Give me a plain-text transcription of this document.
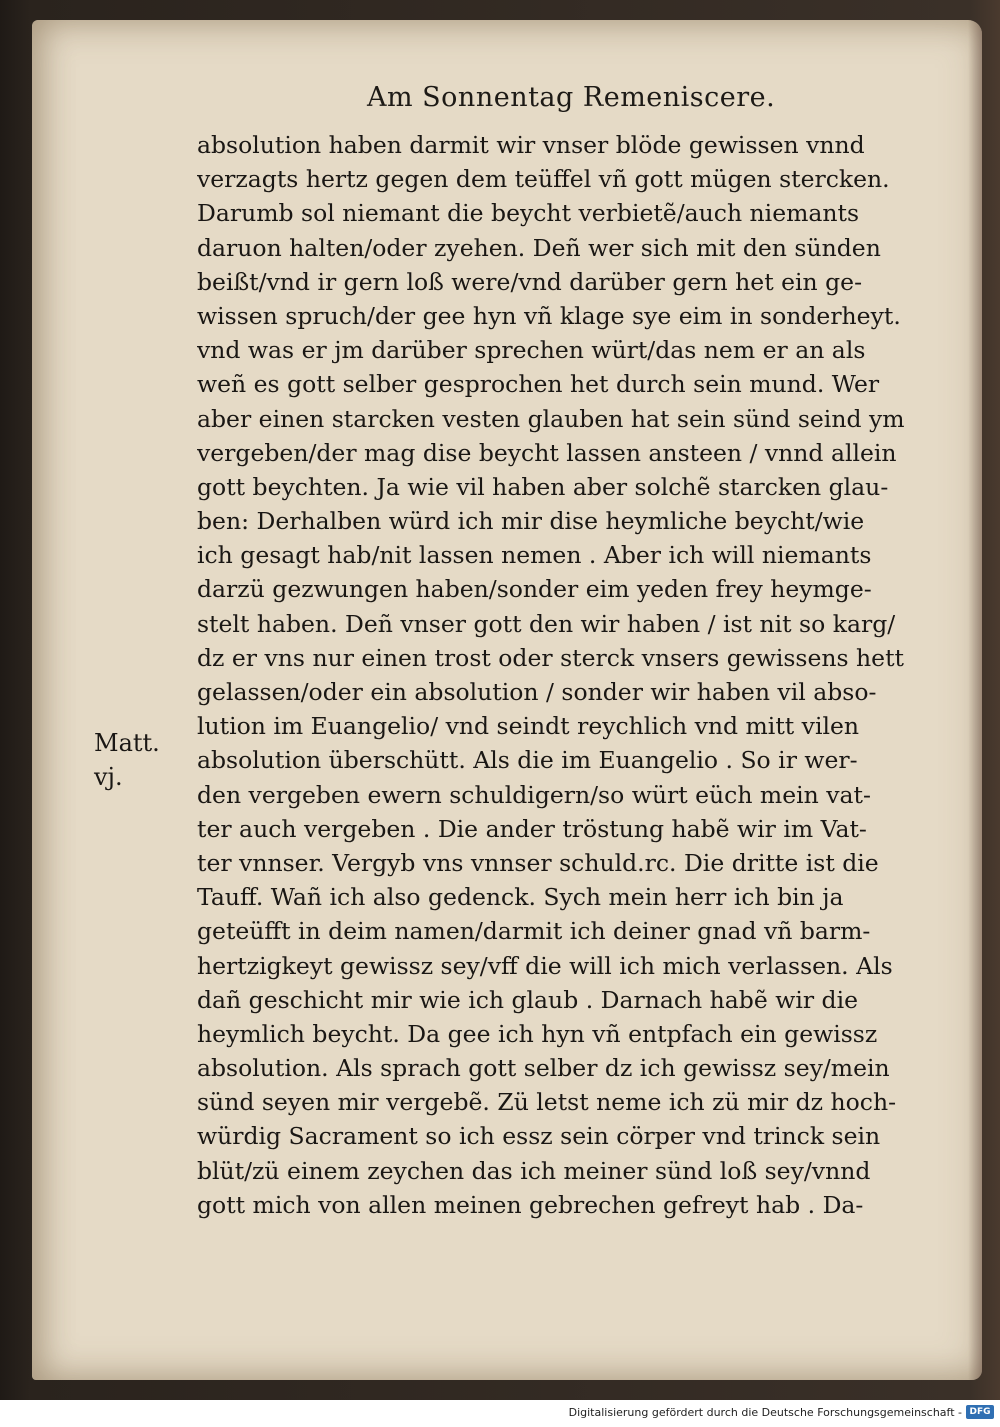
Am Sonnentag Remeniscere.
Matt.
vj.
absolution haben darmit wir vnser blöde gewissen vnnd
verzagts hertz gegen dem teüffel vñ gott mügen stercken.
Darumb sol niemant die beycht verbietẽ/auch niemants
daruon halten/oder zyehen. Deñ wer sich mit den sünden
beißt/vnd ir gern loß were/vnd darüber gern het ein ge-
wissen spruch/der gee hyn vñ klage sye eim in sonderheyt.
vnd was er jm darüber sprechen würt/das nem er an als
weñ es gott selber gesprochen het durch sein mund. Wer
aber einen starcken vesten glauben hat sein sünd seind ym
vergeben/der mag dise beycht lassen ansteen / vnnd allein
gott beychten. Ja wie vil haben aber solchẽ starcken glau-
ben: Derhalben würd ich mir dise heymliche beycht/wie
ich gesagt hab/nit lassen nemen . Aber ich will niemants
darzü gezwungen haben/sonder eim yeden frey heymge-
stelt haben. Deñ vnser gott den wir haben / ist nit so karg/
dz er vns nur einen trost oder sterck vnsers gewissens hett
gelassen/oder ein absolution / sonder wir haben vil abso-
lution im Euangelio/ vnd seindt reychlich vnd mitt vilen
absolution überschütt. Als die im Euangelio . So ir wer-
den vergeben ewern schuldigern/so würt eüch mein vat-
ter auch vergeben . Die ander tröstung habẽ wir im Vat-
ter vnnser. Vergyb vns vnnser schuld.rc. Die dritte ist die
Tauff. Wañ ich also gedenck. Sych mein herr ich bin ja
geteüfft in deim namen/darmit ich deiner gnad vñ barm-
hertzigkeyt gewissz sey/vff die will ich mich verlassen. Als
dañ geschicht mir wie ich glaub . Darnach habẽ wir die
heymlich beycht. Da gee ich hyn vñ entpfach ein gewissz
absolution. Als sprach gott selber dz ich gewissz sey/mein
sünd seyen mir vergebẽ. Zü letst neme ich zü mir dz hoch-
würdig Sacrament so ich essz sein cörper vnd trinck sein
blüt/zü einem zeychen das ich meiner sünd loß sey/vnnd
gott mich von allen meinen gebrechen gefreyt hab . Da-
Digitalisierung gefördert durch die Deutsche Forschungsgemeinschaft - DFG
